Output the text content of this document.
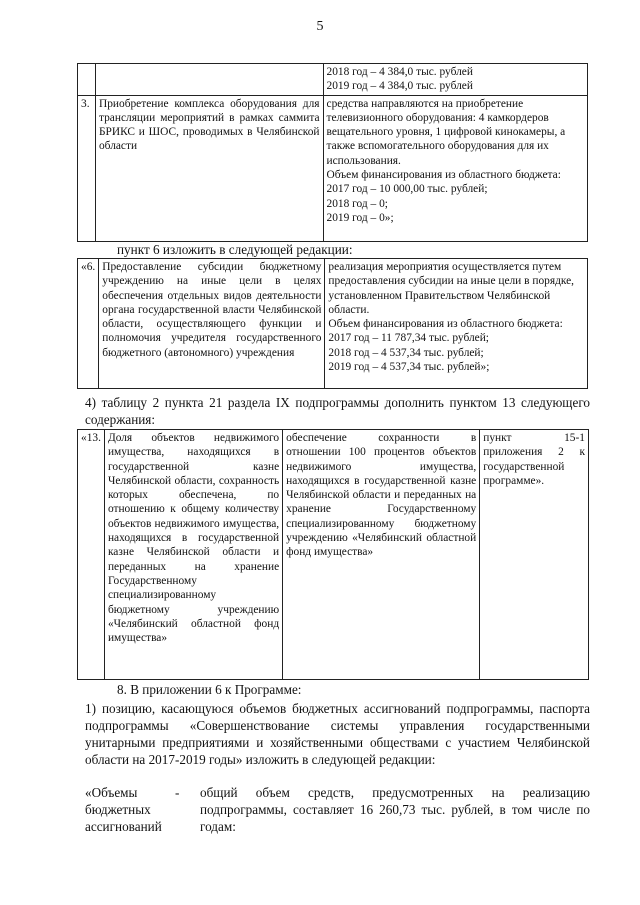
5

		2018 год – 4 384,0 тыс. рублей
2019 год – 4 384,0 тыс. рублей

3.	Приобретение комплекса оборудования для трансляции мероприятий в рамках саммита БРИКС и ШОС, проводимых в Челябинской области	средства направляются на приобретение телевизионного оборудования: 4 камкордеров вещательного уровня, 1 цифровой кинокамеры, а также вспомогательного оборудования для их использования.
Объем финансирования из областного бюджета:
2017 год – 10 000,00 тыс. рублей;
2018 год – 0;
2019 год – 0»;
пункт 6 изложить в следующей редакции:
«6.	Предоставление субсидии бюджетному учреждению на иные цели в целях обеспечения отдельных видов деятельности органа государственной власти Челябинской области, осуществляющего функции и полномочия учредителя государственного бюджетного (автономного) учреждения	
реализация мероприятия осуществляется путем предоставления субсидии на иные цели в порядке, установленном Правительством Челябинской области.
Объем финансирования из областного бюджета:
2017 год – 11 787,34 тыс. рублей;
2018 год – 4 537,34 тыс. рублей;
2019 год – 4 537,34 тыс. рублей»;
4) таблицу 2 пункта 21 раздела IX подпрограммы дополнить пунктом 13 следующего содержания:
«13.	Доля объектов недвижимого имущества, находящихся в государственной казне Челябинской области, сохранность которых обеспечена, по отношению к общему количеству объектов недвижимого имущества, находящихся в государственной казне Челябинской области и переданных на хранение Государственному специализированному бюджетному учреждению «Челябинский областной фонд имущества»	обеспечение сохранности в отношении 100 процентов объектов недвижимого имущества, находящихся в государственной казне Челябинской области и переданных на хранение Государственному специализированному бюджетному учреждению «Челябинский областной фонд имущества»	пункт 15-1 приложения 2 к государственной программе».
8. В приложении 6 к Программе:
1) позицию, касающуюся объемов бюджетных ассигнований подпрограммы, паспорта подпрограммы «Совершенствование системы управления государственными унитарными предприятиями и хозяйственными обществами с участием Челябинской области на 2017-2019 годы» изложить в следующей редакции:
«Объемы бюджетных ассигнований
- общий объем средств, предусмотренных на реализацию подпрограммы, составляет 16 260,73 тыс. рублей, в том числе по годам:
